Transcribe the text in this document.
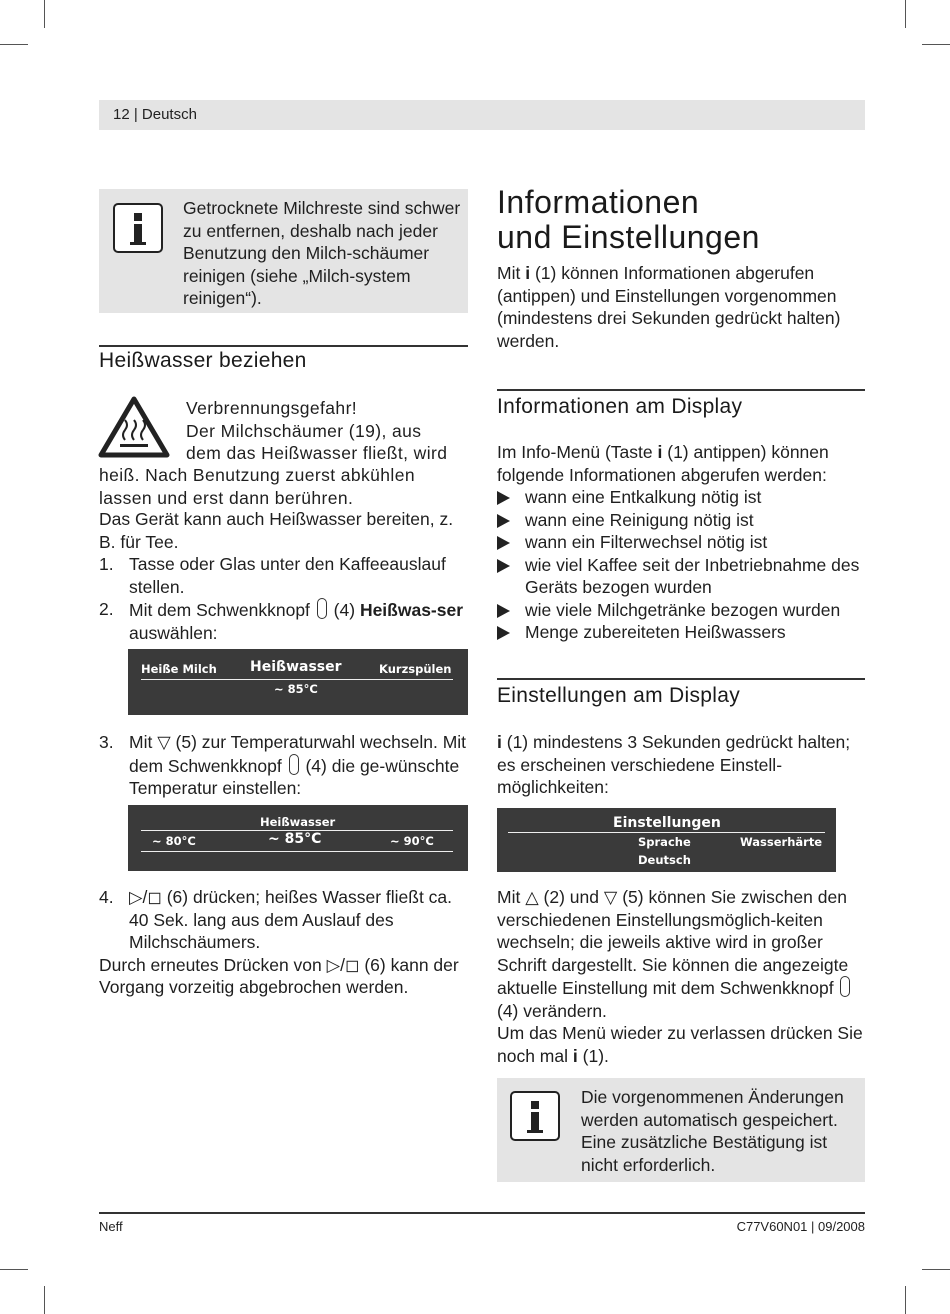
12 | Deutsch

Getrocknete Milchreste sind schwer zu entfernen, deshalb nach jeder Benutzung den Milch-schäumer reinigen (siehe „Milch-system reinigen“).

Heißwasser beziehen

Verbrennungsgefahr!

Der Milchschäumer (19), aus

dem das Heißwasser fließt, wird

heiß. Nach Benutzung zuerst abkühlen

lassen und erst dann berühren.

Das Gerät kann auch Heißwasser bereiten, z. B. für Tee.

1. Tasse oder Glas unter den Kaffeeauslauf stellen.
2. Mit dem Schwenkknopf (4) Heißwas-ser auswählen:
Heiße Milch Heißwasser	Kurzspülen
~ 85°C
3. Mit ▽ (5) zur Temperaturwahl wechseln. Mit dem Schwenkknopf (4) die ge-wünschte Temperatur einstellen:
Heißwasser
~ 80°C	~ 85°C	~ 90°C
4. ▷/◻ (6) drücken; heißes Wasser fließt ca. 40 Sek. lang aus dem Auslauf des Milchschäumers.

Durch erneutes Drücken von ▷/◻ (6) kann der Vorgang vorzeitig abgebrochen werden.

Informationen
und Einstellungen

Mit i (1) können Informationen abgerufen (antippen) und Einstellungen vorgenommen (mindestens drei Sekunden gedrückt halten) werden.

Informationen am Display

Im Info-Menü (Taste i (1) antippen) können folgende Informationen abgerufen werden:

wann eine Entkalkung nötig ist
wann eine Reinigung nötig ist
wann ein Filterwechsel nötig ist
wie viel Kaffee seit der Inbetriebnahme des Geräts bezogen wurden
wie viele Milchgetränke bezogen wurden
Menge zubereiteten Heißwassers
Einstellungen am Display

i (1) mindestens 3 Sekunden gedrückt halten; es erscheinen verschiedene Einstell-möglichkeiten:

Einstellungen
Sprache	Wasserhärte
Deutsch

Mit △ (2) und ▽ (5) können Sie zwischen den verschiedenen Einstellungsmöglich-keiten wechseln; die jeweils aktive wird in großer Schrift dargestellt. Sie können die angezeigte aktuelle Einstellung mit dem Schwenkknopf  (4) verändern.

Um das Menü wieder zu verlassen drücken Sie noch mal i (1).

Die vorgenommenen Änderungen werden automatisch gespeichert. Eine zusätzliche Bestätigung ist nicht erforderlich.

Neff	C77V60N01 | 09/2008
